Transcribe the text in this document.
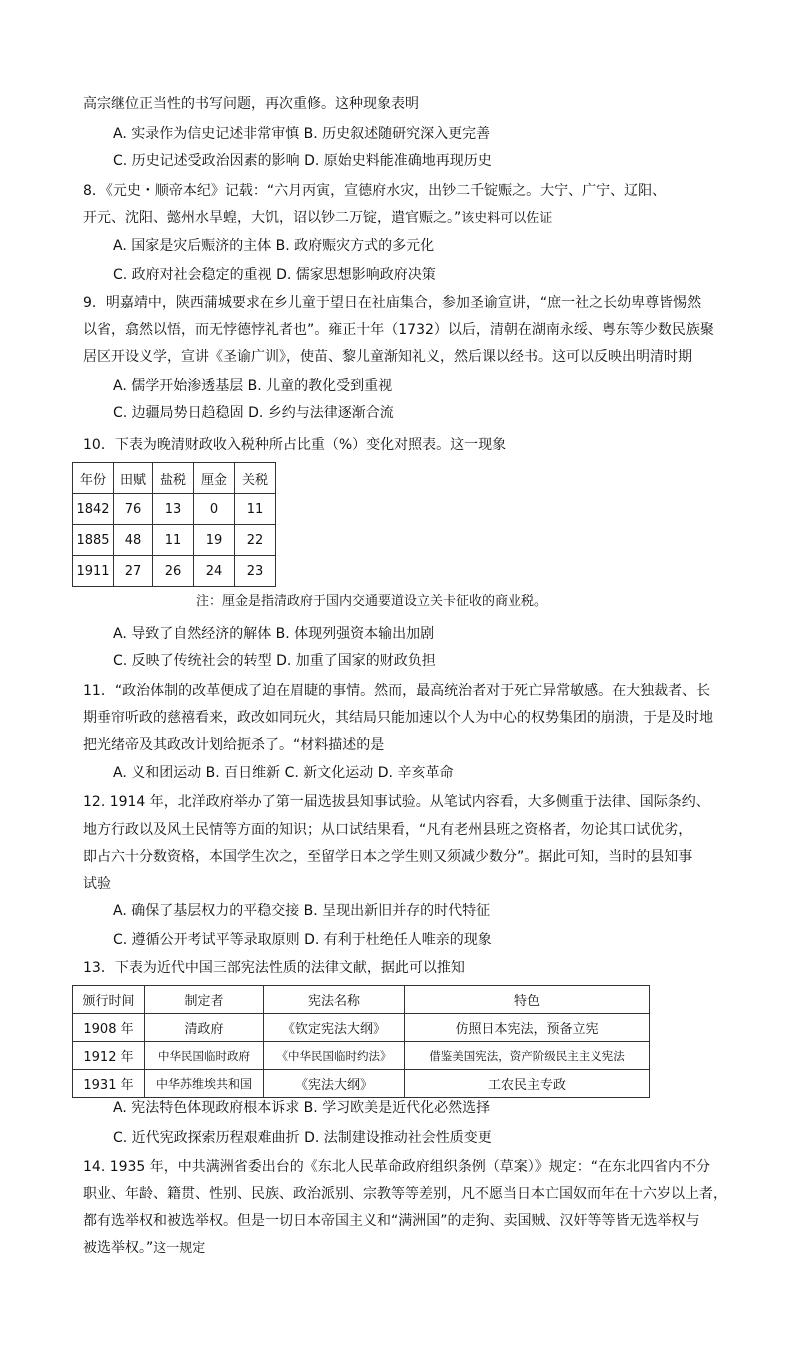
高宗继位正当性的书写问题，再次重修。这种现象表明
A. 实录作为信史记述非常审慎 B. 历史叙述随研究深入更完善
C. 历史记述受政治因素的影响 D. 原始史料能准确地再现历史
8．《元史・顺帝本纪》记载：“六月丙寅，宣德府水灾，出钞二千锭赈之。大宁、广宁、辽阳、
开元、沈阳、懿州水旱蝗，大饥，诏以钞二万锭，遣官赈之。”该史料可以佐证
A. 国家是灾后赈济的主体 B. 政府赈灾方式的多元化
C. 政府对社会稳定的重视 D. 儒家思想影响政府决策
9．明嘉靖中，陕西蒲城要求在乡儿童于望日在社庙集合，参加圣谕宣讲，“庶一社之长幼卑尊皆惕然
以省，翕然以悟，而无悖德悖礼者也”。雍正十年（1732）以后，清朝在湖南永绥、粤东等少数民族聚
居区开设义学，宣讲《圣谕广训》，使苗、黎儿童渐知礼义，然后课以经书。这可以反映出明清时期
A. 儒学开始渗透基层 B. 儿童的教化受到重视
C. 边疆局势日趋稳固 D. 乡约与法律逐渐合流
10．下表为晚清财政收入税种所占比重（%）变化对照表。这一现象
年份	田赋	盐税	厘金	关税
1842	76	13	0	11
1885	48	11	19	22
1911	27	26	24	23
注：厘金是指清政府于国内交通要道设立关卡征收的商业税。
A. 导致了自然经济的解体 B. 体现列强资本输出加剧
C. 反映了传统社会的转型 D. 加重了国家的财政负担
11．“政治体制的改革便成了迫在眉睫的事情。然而，最高统治者对于死亡异常敏感。在大独裁者、长
期垂帘听政的慈禧看来，政改如同玩火，其结局只能加速以个人为中心的权势集团的崩溃，于是及时地
把光绪帝及其政改计划给扼杀了。“材料描述的是
A. 义和团运动 B. 百日维新 C. 新文化运动 D. 辛亥革命
12. 1914 年，北洋政府举办了第一届选拔县知事试验。从笔试内容看，大多侧重于法律、国际条约、
地方行政以及风土民情等方面的知识；从口试结果看，“凡有老州县班之资格者，勿论其口试优劣，
即占六十分数资格，本国学生次之，至留学日本之学生则又须减少数分”。据此可知，当时的县知事
试验
A. 确保了基层权力的平稳交接 B. 呈现出新旧并存的时代特征
C. 遵循公开考试平等录取原则 D. 有利于杜绝任人唯亲的现象
13．下表为近代中国三部宪法性质的法律文献，据此可以推知
颁行时间	制定者	宪法名称	特色
1908 年	清政府	《钦定宪法大纲》	仿照日本宪法，预备立宪
1912 年	中华民国临时政府	《中华民国临时约法》	借鉴美国宪法，资产阶级民主主义宪法
1931 年	中华苏维埃共和国	《宪法大纲》	工农民主专政
A. 宪法特色体现政府根本诉求 B. 学习欧美是近代化必然选择
C. 近代宪政探索历程艰难曲折 D. 法制建设推动社会性质变更
14. 1935 年，中共满洲省委出台的《东北人民革命政府组织条例（草案）》规定：“在东北四省内不分
职业、年龄、籍贯、性别、民族、政治派别、宗教等等差别，凡不愿当日本亡国奴而年在十六岁以上者，
都有选举权和被选举权。但是一切日本帝国主义和“满洲国”的走狗、卖国贼、汉奸等等皆无选举权与
被选举权。”这一规定
